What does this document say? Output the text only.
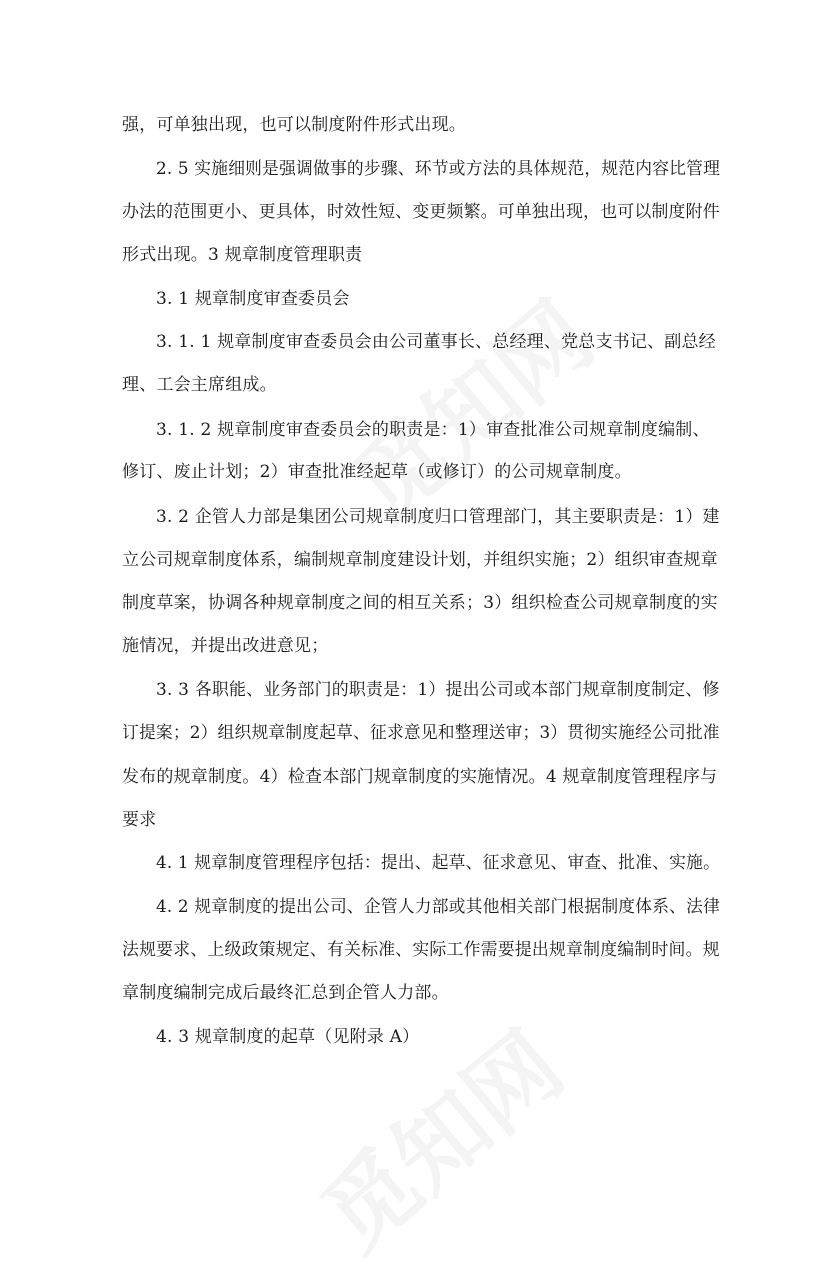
强，可单独出现，也可以制度附件形式出现。
2. 5 实施细则是强调做事的步骤、环节或方法的具体规范，规范内容比管理
办法的范围更小、更具体，时效性短、变更频繁。可单独出现，也可以制度附件
形式出现。3 规章制度管理职责
3. 1 规章制度审查委员会
3. 1. 1 规章制度审查委员会由公司董事长、总经理、党总支书记、副总经
理、工会主席组成。
3. 1. 2 规章制度审查委员会的职责是：1）审查批准公司规章制度编制、
修订、废止计划；2）审查批准经起草（或修订）的公司规章制度。
3. 2 企管人力部是集团公司规章制度归口管理部门，其主要职责是：1）建
立公司规章制度体系，编制规章制度建设计划，并组织实施；2）组织审查规章
制度草案，协调各种规章制度之间的相互关系；3）组织检查公司规章制度的实
施情况，并提出改进意见；
3. 3 各职能、业务部门的职责是：1）提出公司或本部门规章制度制定、修
订提案；2）组织规章制度起草、征求意见和整理送审；3）贯彻实施经公司批准
发布的规章制度。4）检查本部门规章制度的实施情况。4 规章制度管理程序与
要求
4. 1 规章制度管理程序包括：提出、起草、征求意见、审查、批准、实施。
4. 2 规章制度的提出公司、企管人力部或其他相关部门根据制度体系、法律
法规要求、上级政策规定、有关标准、实际工作需要提出规章制度编制时间。规
章制度编制完成后最终汇总到企管人力部。
4. 3 规章制度的起草（见附录 A）
